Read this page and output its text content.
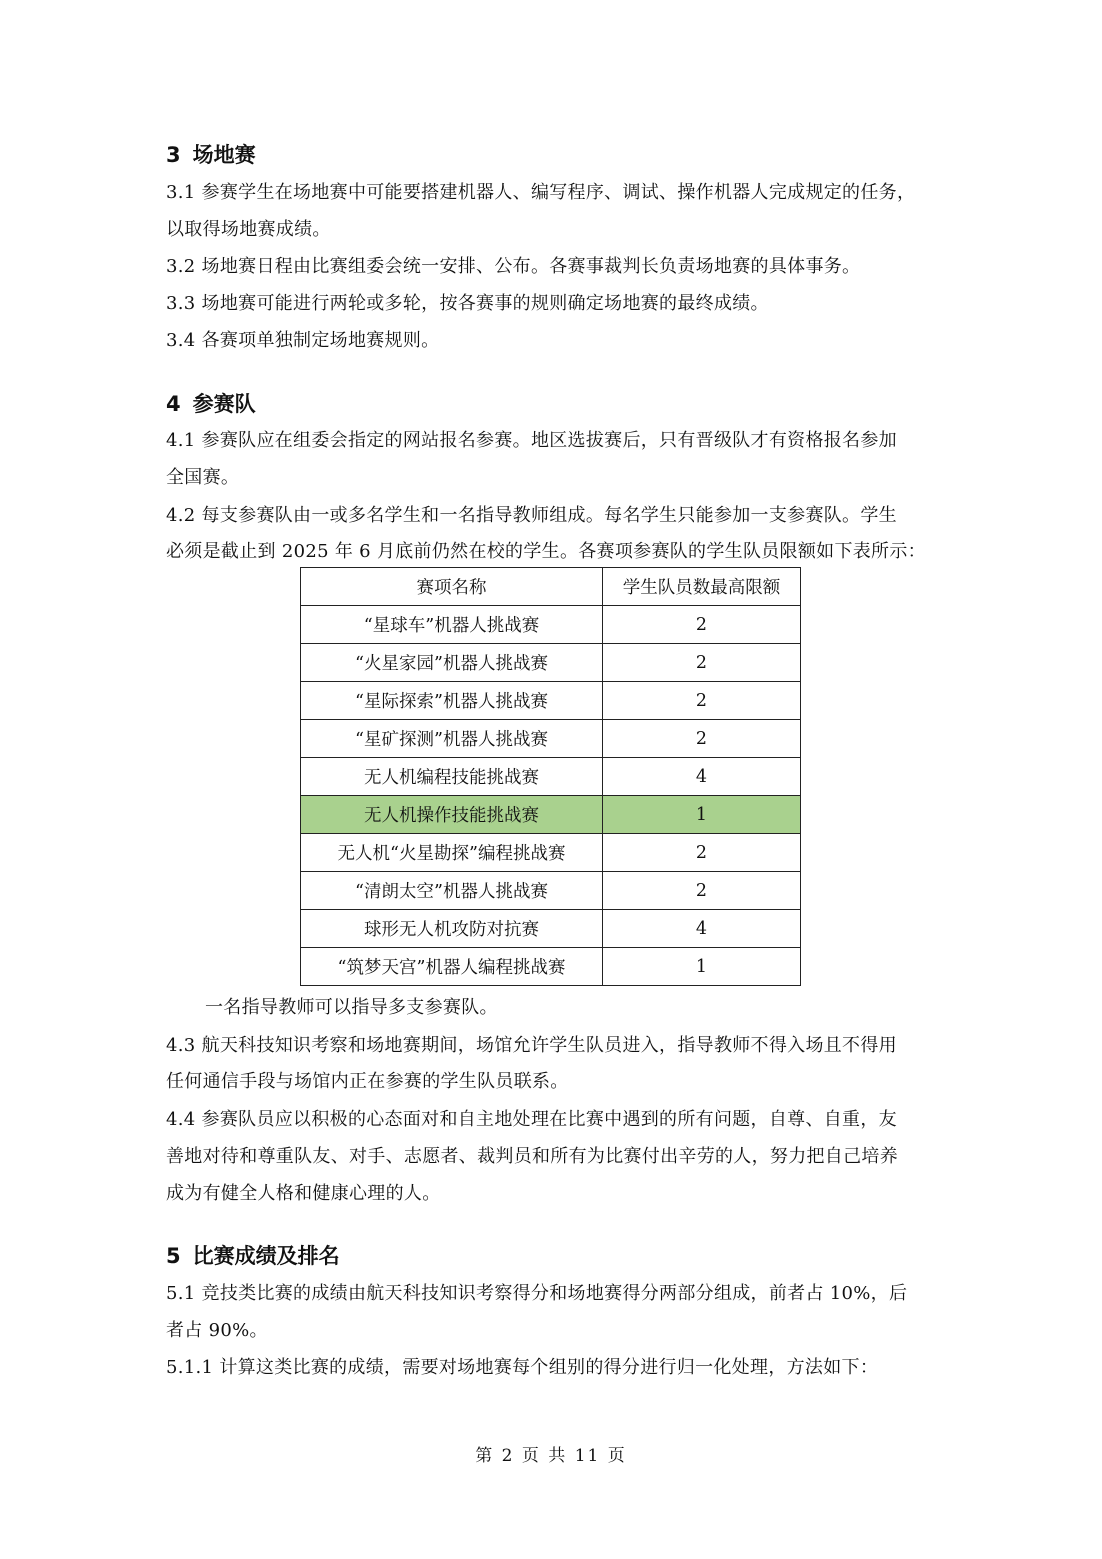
3 场地赛
3.1 参赛学生在场地赛中可能要搭建机器人、编写程序、调试、操作机器人完成规定的任务，
以取得场地赛成绩。
3.2 场地赛日程由比赛组委会统一安排、公布。各赛事裁判长负责场地赛的具体事务。
3.3 场地赛可能进行两轮或多轮，按各赛事的规则确定场地赛的最终成绩。
3.4 各赛项单独制定场地赛规则。
4 参赛队
4.1 参赛队应在组委会指定的网站报名参赛。地区选拔赛后，只有晋级队才有资格报名参加
全国赛。
4.2 每支参赛队由一或多名学生和一名指导教师组成。每名学生只能参加一支参赛队。学生
必须是截止到 2025 年 6 月底前仍然在校的学生。各赛项参赛队的学生队员限额如下表所示：
赛项名称	学生队员数最高限额
“星球车”机器人挑战赛	2
“火星家园”机器人挑战赛	2
“星际探索”机器人挑战赛	2
“星矿探测”机器人挑战赛	2
无人机编程技能挑战赛	4
无人机操作技能挑战赛	1
无人机“火星勘探”编程挑战赛	2
“清朗太空”机器人挑战赛	2
球形无人机攻防对抗赛	4
“筑梦天宫”机器人编程挑战赛	1
一名指导教师可以指导多支参赛队。
4.3 航天科技知识考察和场地赛期间，场馆允许学生队员进入，指导教师不得入场且不得用
任何通信手段与场馆内正在参赛的学生队员联系。
4.4 参赛队员应以积极的心态面对和自主地处理在比赛中遇到的所有问题，自尊、自重，友
善地对待和尊重队友、对手、志愿者、裁判员和所有为比赛付出辛劳的人，努力把自己培养
成为有健全人格和健康心理的人。
5 比赛成绩及排名
5.1 竞技类比赛的成绩由航天科技知识考察得分和场地赛得分两部分组成，前者占 10%，后
者占 90%。
5.1.1 计算这类比赛的成绩，需要对场地赛每个组别的得分进行归一化处理，方法如下：
第 2 页 共 11 页
